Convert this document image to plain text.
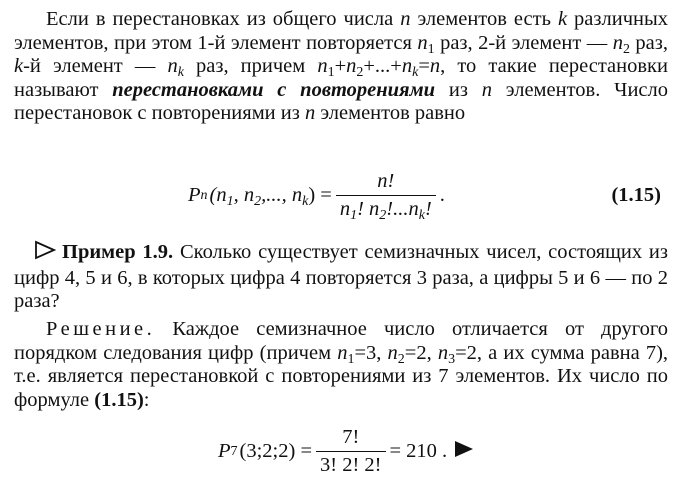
Если в перестановках из общего числа n элементов есть k различных элементов, при этом 1-й элемент повторяется $n_1$ раз, 2-й элемент — $n_2$ раз, k-й элемент — $n_k$ раз, причем $n_1+n_2+...+n_k=n$, то такие перестановки называют перестановками с повторениями из n элементов. Число перестановок с повторениями из n элементов равно
P n ($n_1$, $n_2$,..., $n_k$ ) = $\frac{n!}{n_1! n_2!...n_k!}$ .	(1.15)
Пример 1.9. Сколько существует семизначных чисел, состоящих из цифр 4, 5 и 6, в которых цифра 4 повторяется 3 раза, а цифры 5 и 6 — по 2 раза?
Решение. Каждое семизначное число отличается от другого порядком следования цифр (причем $n_1=3$, $n_2=2$, $n_3=2$, а их сумма равна 7), т.е. является перестановкой с повторениями из 7 элементов. Их число по формуле (1.15):
P 7 (3;2;2) = $\frac{7!}{3! 2! 2!} = 210$ .
